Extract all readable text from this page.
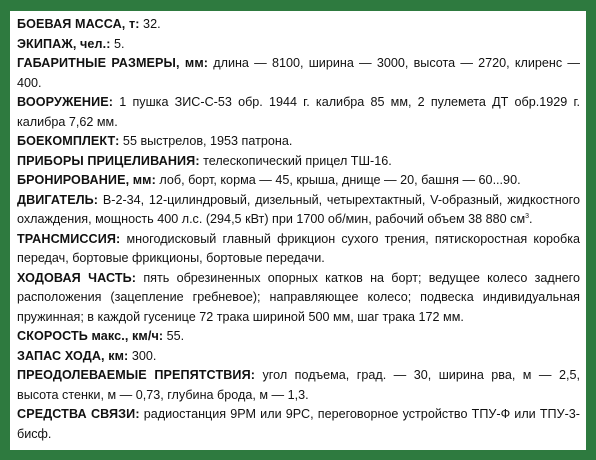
БОЕВАЯ МАССА, т: 32.

ЭКИПАЖ, чел.: 5.

ГАБАРИТНЫЕ РАЗМЕРЫ, мм: длина — 8100, ширина — 3000, высота — 2720, клиренс — 400.

ВООРУЖЕНИЕ: 1 пушка ЗИС-С-53 обр. 1944 г. калибра 85 мм, 2 пулемета ДТ обр.1929 г. калибра 7,62 мм.

БОЕКОМПЛЕКТ: 55 выстрелов, 1953 патрона.

ПРИБОРЫ ПРИЦЕЛИВАНИЯ: телескопический прицел ТШ-16.

БРОНИРОВАНИЕ, мм: лоб, борт, корма — 45, крыша, днище — 20, башня — 60...90.

ДВИГАТЕЛЬ: В-2-34, 12-цилиндровый, дизельный, четырехтактный, V-образный, жидкостного охлаждения, мощность 400 л.с. (294,5 кВт) при 1700 об/мин, рабочий объем 38 880 $см^3$.

ТРАНСМИССИЯ: многодисковый главный фрикцион сухого трения, пятискоростная коробка передач, бортовые фрикционы, бортовые передачи.

ХОДОВАЯ ЧАСТЬ: пять обрезиненных опорных катков на борт; ведущее колесо заднего расположения (зацепление гребневое); направляющее колесо; подвеска индивидуальная пружинная; в каждой гусенице 72 трака шириной 500 мм, шаг трака 172 мм.

СКОРОСТЬ макс., км/ч: 55.

ЗАПАС ХОДА, км: 300.

ПРЕОДОЛЕВАЕМЫЕ ПРЕПЯТСТВИЯ: угол подъема, град. — 30, ширина рва, м — 2,5, высота стенки, м — 0,73, глубина брода, м — 1,3.

СРЕДСТВА СВЯЗИ: радиостанция 9РМ или 9РС, переговорное устройство ТПУ-Ф или ТПУ-3-бисф.
